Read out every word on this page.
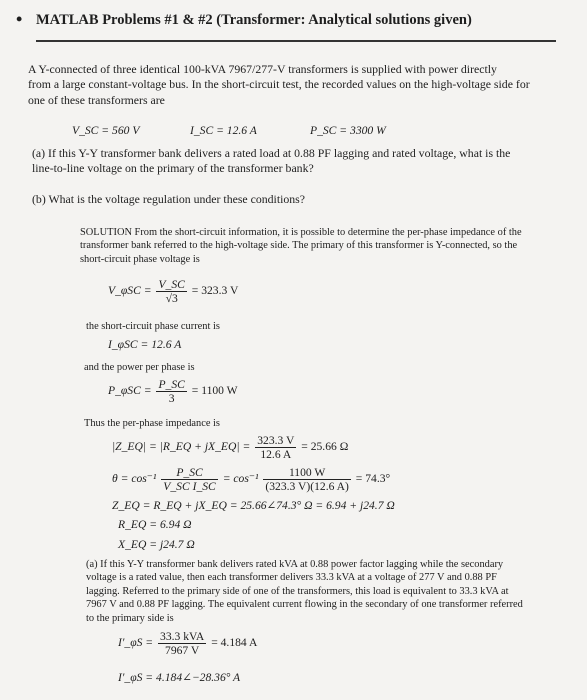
• MATLAB Problems #1 & #2 (Transformer: Analytical solutions given)
A Y-connected of three identical 100-kVA 7967/277-V transformers is supplied with power directly
from a large constant-voltage bus. In the short-circuit test, the recorded values on the high-voltage side for
one of these transformers are
V_SC = 560 V	I_SC = 12.6 A	P_SC = 3300 W
(a) If this Y-Y transformer bank delivers a rated load at 0.88 PF lagging and rated voltage, what is the
line-to-line voltage on the primary of the transformer bank?
(b) What is the voltage regulation under these conditions?
SOLUTION From the short-circuit information, it is possible to determine the per-phase impedance of the
transformer bank referred to the high-voltage side. The primary of this transformer is Y-connected, so the
short-circuit phase voltage is
V_φSC = $\frac{V\_SC}{√3} = 323.3$ V
the short-circuit phase current is
I_φSC = 12.6 A
and the power per phase is
P_φSC = $\frac{P\_SC}{3} = 1100$ W
Thus the per-phase impedance is
|Z_EQ| = |R_EQ + jX_EQ| = $\frac{323.3 V}{12.6 A} = 25.66$ Ω
$\theta = \cos^{-1} \frac{P\_SC}{\text{V\_SC I\_SC}} = \cos^{-1} \frac{1100 W}{(323.3 V)(12.6 A)} = 74.3^\circ$
Z_EQ = R_EQ + jX_EQ = 25.66∠74.3° Ω = 6.94 + j24.7 Ω
R_EQ = 6.94 Ω
X_EQ = j24.7 Ω
(a) If this Y-Y transformer bank delivers rated kVA at 0.88 power factor lagging while the secondary
voltage is a rated value, then each transformer delivers 33.3 kVA at a voltage of 277 V and 0.88 PF
lagging. Referred to the primary side of one of the transformers, this load is equivalent to 33.3 kVA at
7967 V and 0.88 PF lagging. The equivalent current flowing in the secondary of one transformer referred
to the primary side is
I′_φS = $\frac{\text{33.3 kVA}}{7967 V} = 4.184$ A
I′_φS = 4.184∠−28.36° A
